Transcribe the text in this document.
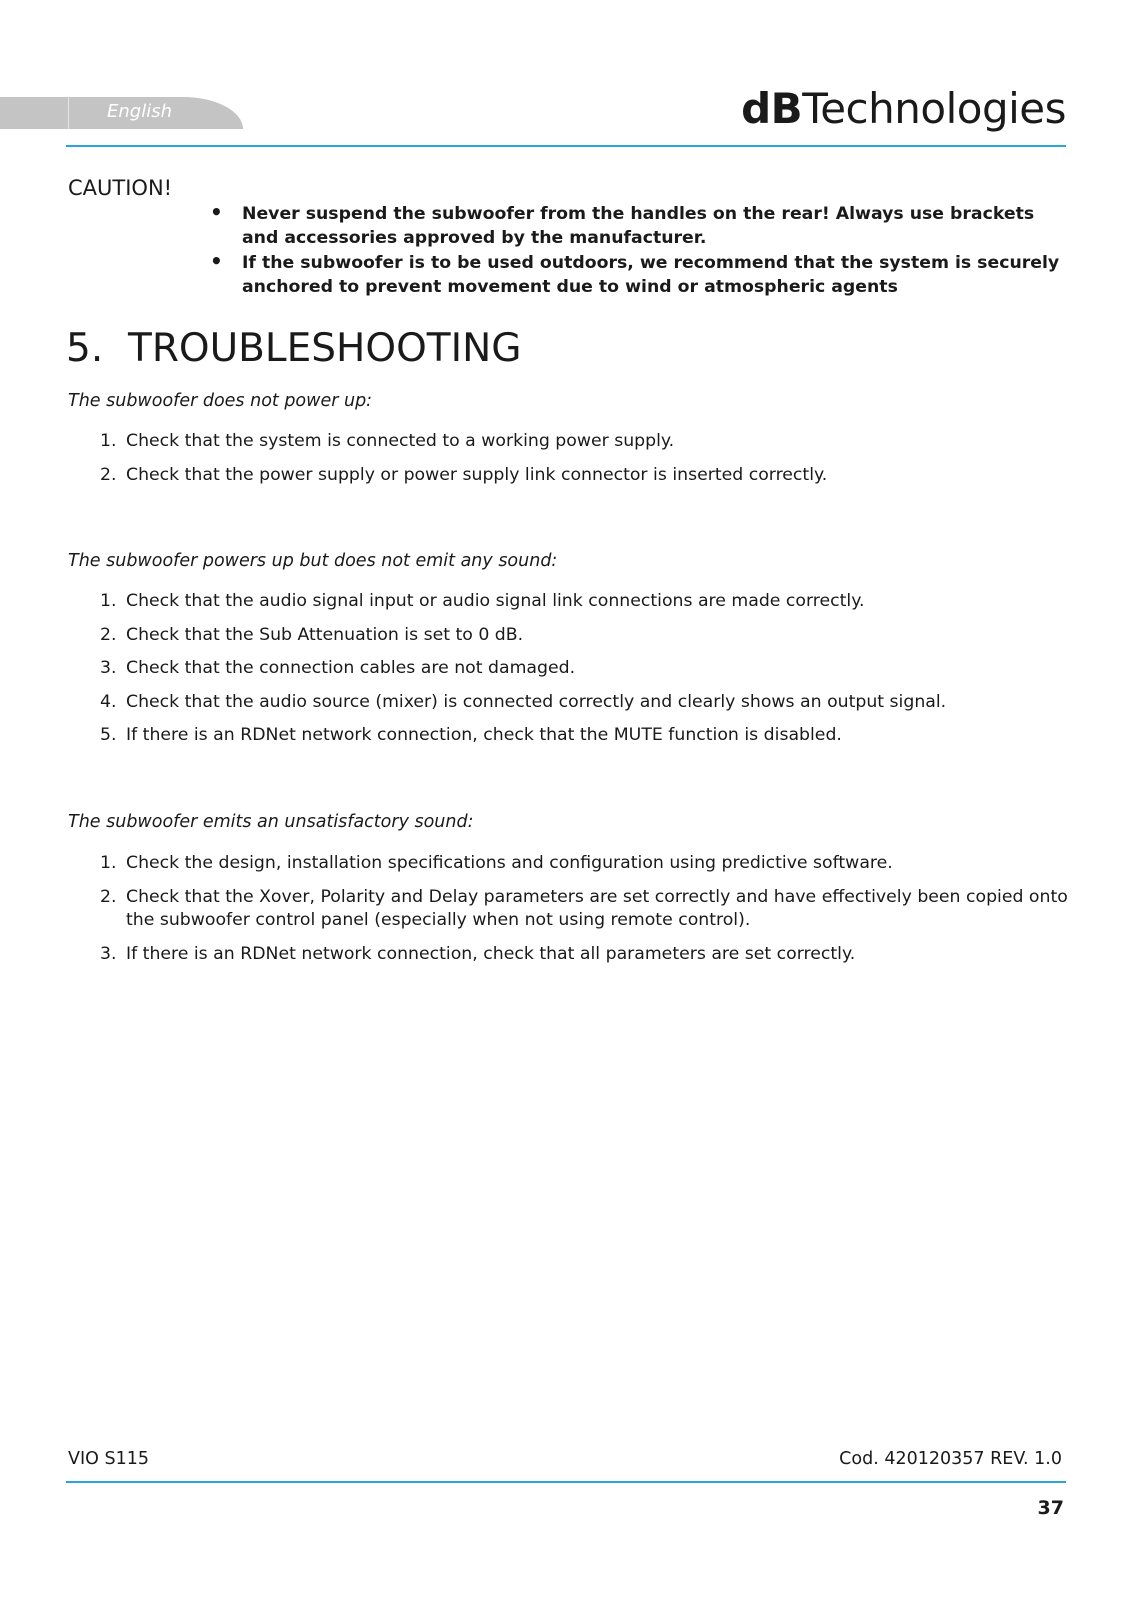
English	dBTechnologies
CAUTION!
• Never suspend the subwoofer from the handles on the rear! Always use brackets and accessories approved by the manufacturer.
• If the subwoofer is to be used outdoors, we recommend that the system is securely anchored to prevent movement due to wind or atmospheric agents
5. TROUBLESHOOTING
The subwoofer does not power up:
1. Check that the system is connected to a working power supply.
2. Check that the power supply or power supply link connector is inserted correctly.
The subwoofer powers up but does not emit any sound:
1. Check that the audio signal input or audio signal link connections are made correctly.
2. Check that the Sub Attenuation is set to 0 dB.
3. Check that the connection cables are not damaged.
4. Check that the audio source (mixer) is connected correctly and clearly shows an output signal.
5. If there is an RDNet network connection, check that the MUTE function is disabled.
The subwoofer emits an unsatisfactory sound:
1. Check the design, installation specifications and configuration using predictive software.
2. Check that the Xover, Polarity and Delay parameters are set correctly and have effectively been copied onto the subwoofer control panel (especially when not using remote control).
3. If there is an RDNet network connection, check that all parameters are set correctly.
VIO S115	Cod. 420120357 REV. 1.0
37
